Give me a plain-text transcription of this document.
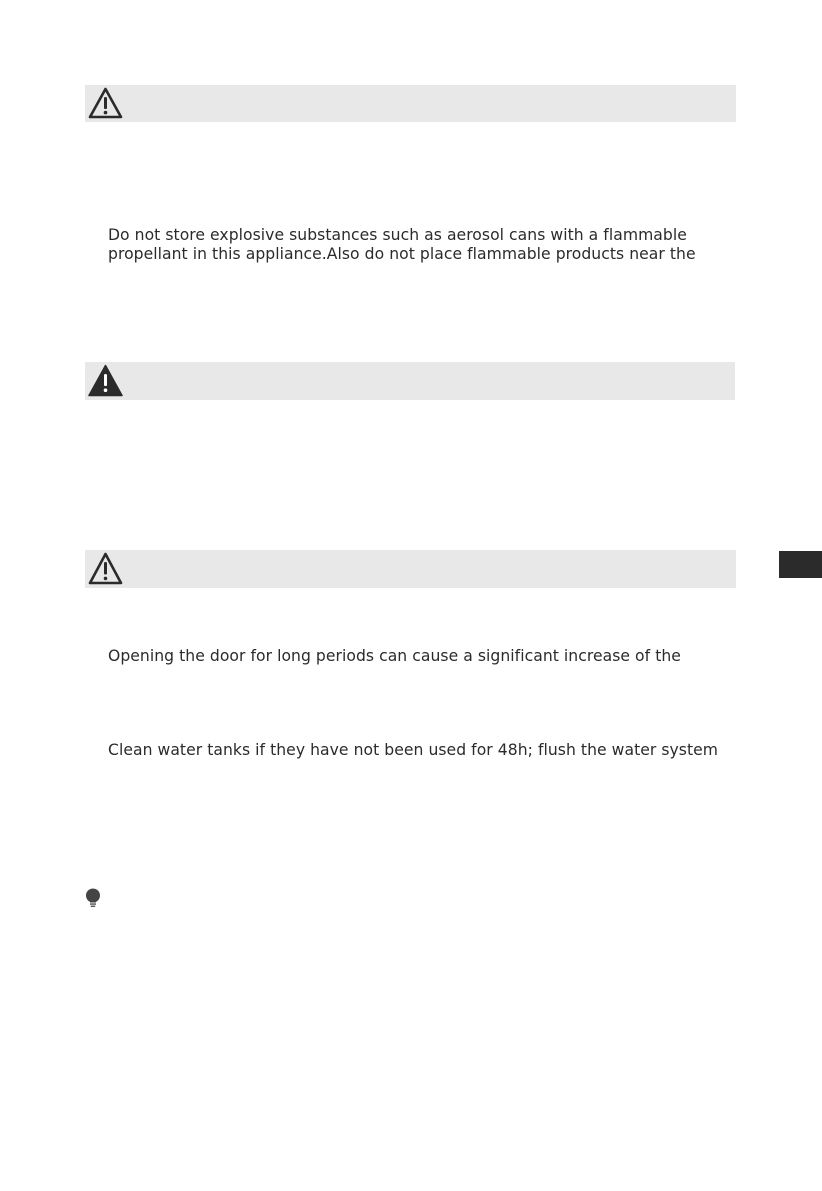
Do not store explosive substances such as aerosol cans with a flammable
propellant in this appliance.Also do not place flammable products near the
Opening the door for long periods can cause a significant increase of the
Clean water tanks if they have not been used for 48h; flush the water system
